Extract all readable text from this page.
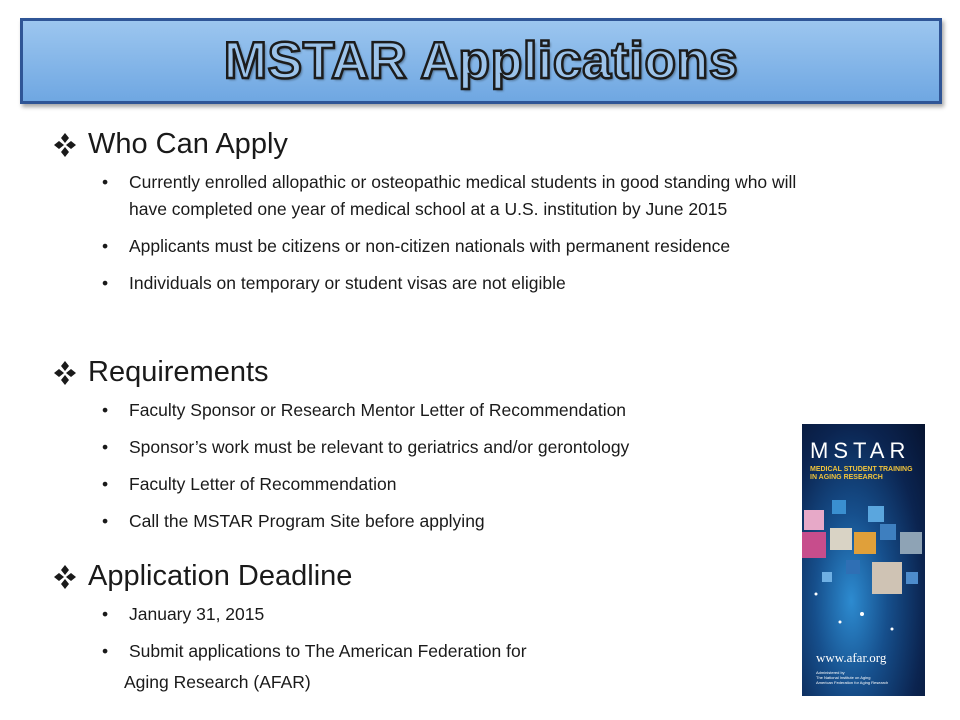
MSTAR Applications
Who Can Apply
• Currently enrolled allopathic or osteopathic medical students in good standing who will have completed one year of medical school at a U.S. institution by June 2015
• Applicants must be citizens or non-citizen nationals with permanent residence
• Individuals on temporary or student visas are not eligible
Requirements
• Faculty Sponsor or Research Mentor Letter of Recommendation
• Sponsor’s work must be relevant to geriatrics and/or gerontology
• Faculty Letter of Recommendation
• Call the MSTAR Program Site before applying
Application Deadline
• January 31, 2015
• Submit applications to The American Federation for
Aging Research (AFAR)
MSTAR
MEDICAL STUDENT TRAINING
IN AGING RESEARCH
www.afar.org
Administered by
The National Institute on Aging
American Federation for Aging Research
